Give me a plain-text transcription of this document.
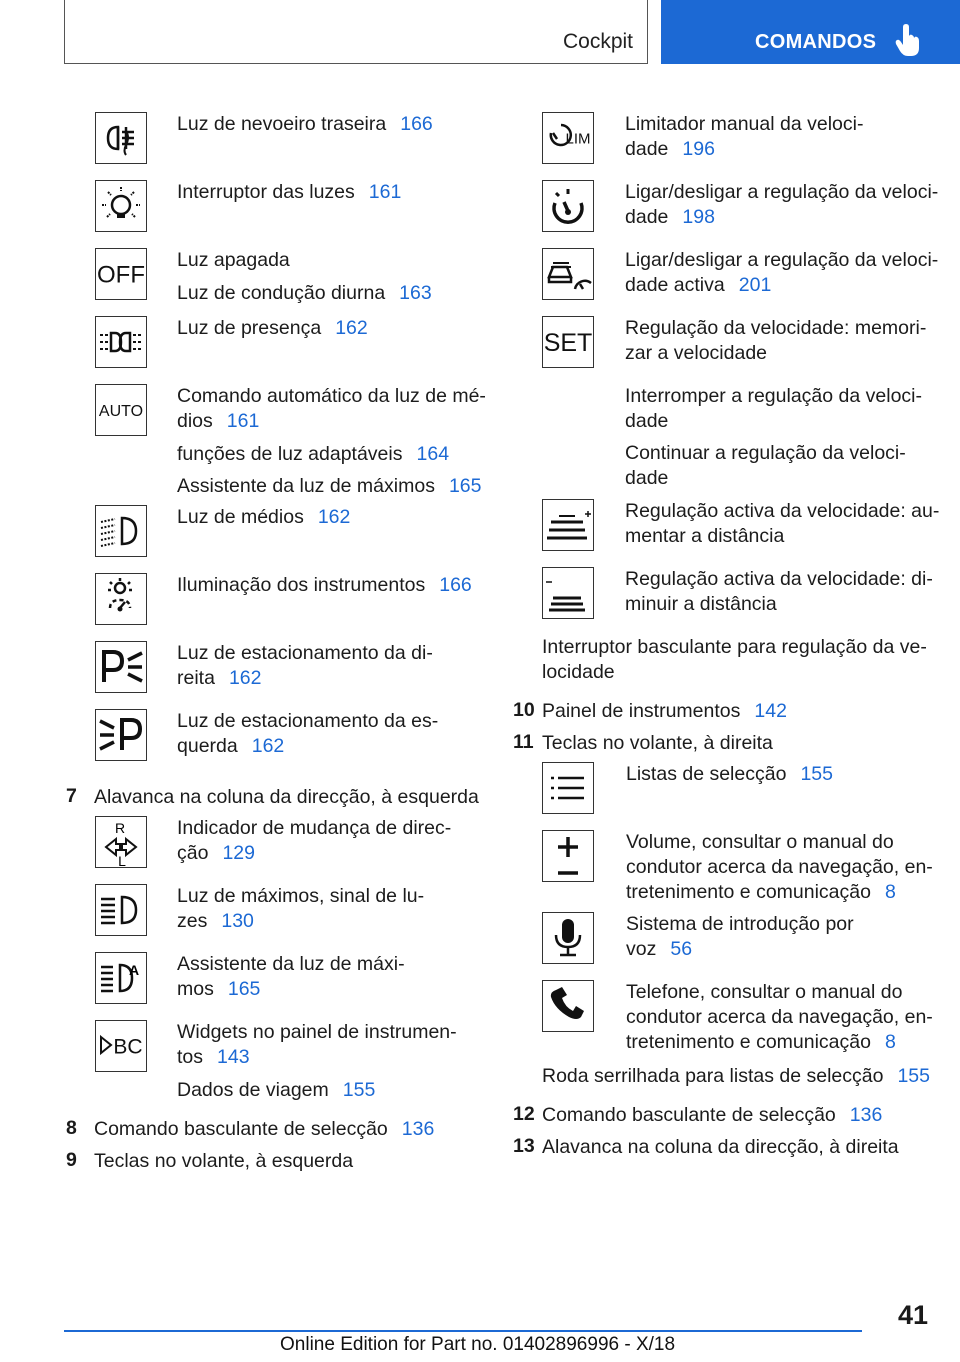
Cockpit	COMANDOS
Luz de nevoeiro traseira 166
Interruptor das luzes 161
OFF
Luz apagada
Luz de condução diurna 163
Luz de presença 162
AUTO
Comando automático da luz de mé-
dios 161
funções de luz adaptáveis 164
Assistente da luz de máximos 165
Luz de médios 162
Iluminação dos instrumentos 166
Luz de estacionamento da di-
reita 162
Luz de estacionamento da es-
querda 162
7 Alavanca na coluna da direcção, à esquerda
R
L
Indicador de mudança de direc-
ção 129
Luz de máximos, sinal de lu-
zes 130
A Assistente da luz de máxi-
mos 165
BC
Widgets no painel de instrumen-
tos 143
Dados de viagem 155
8 Comando basculante de selecção 136
9 Teclas no volante, à esquerda
LIM
Limitador manual da veloci-
dade 196
Ligar/desligar a regulação da veloci-
dade 198
Ligar/desligar a regulação da veloci-
dade activa 201
SET
Regulação da velocidade: memori-
zar a velocidade
Interromper a regulação da veloci-
dade
Continuar a regulação da veloci-
dade
Regulação activa da velocidade: au-
mentar a distância
Regulação activa da velocidade: di-
minuir a distância
Interruptor basculante para regulação da ve-
locidade
10 Painel de instrumentos 142
11 Teclas no volante, à direita
Listas de selecção 155
Volume, consultar o manual do
condutor acerca da navegação, en-
tretenimento e comunicação 8
Sistema de introdução por
voz 56
Telefone, consultar o manual do
condutor acerca da navegação, en-
tretenimento e comunicação 8
Roda serrilhada para listas de selecção 155
12 Comando basculante de selecção 136
13 Alavanca na coluna da direcção, à direita
41
Online Edition for Part no. 01402896996 - X/18
